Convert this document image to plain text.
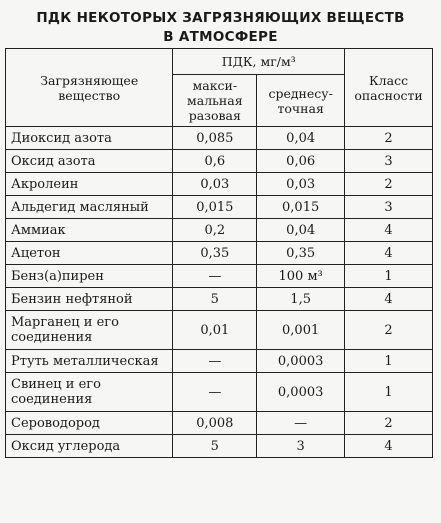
ПДК НЕКОТОРЫХ ЗАГРЯЗНЯЮЩИХ ВЕЩЕСТВ
В АТМОСФЕРЕ
Загрязняющее вещество	ПДК, мг/м³		Класс опасности
	макси-мальная разовая	среднесу-точная	
Диоксид азота	0,085	0,04	2
Оксид азота	0,6	0,06	3
Акролеин	0,03	0,03	2
Альдегид масляный	0,015	0,015	3
Аммиак	0,2	0,04	4
Ацетон	0,35	0,35	4
Бенз(а)пирен	—	100 м³	1
Бензин нефтяной	5	1,5	4
Марганец и его соединения	0,01	0,001	2
Ртуть металлическая	—	0,0003	1
Свинец и его соединения	—	0,0003	1
Сероводород	0,008	—	2
Оксид углерода	5	3	4
